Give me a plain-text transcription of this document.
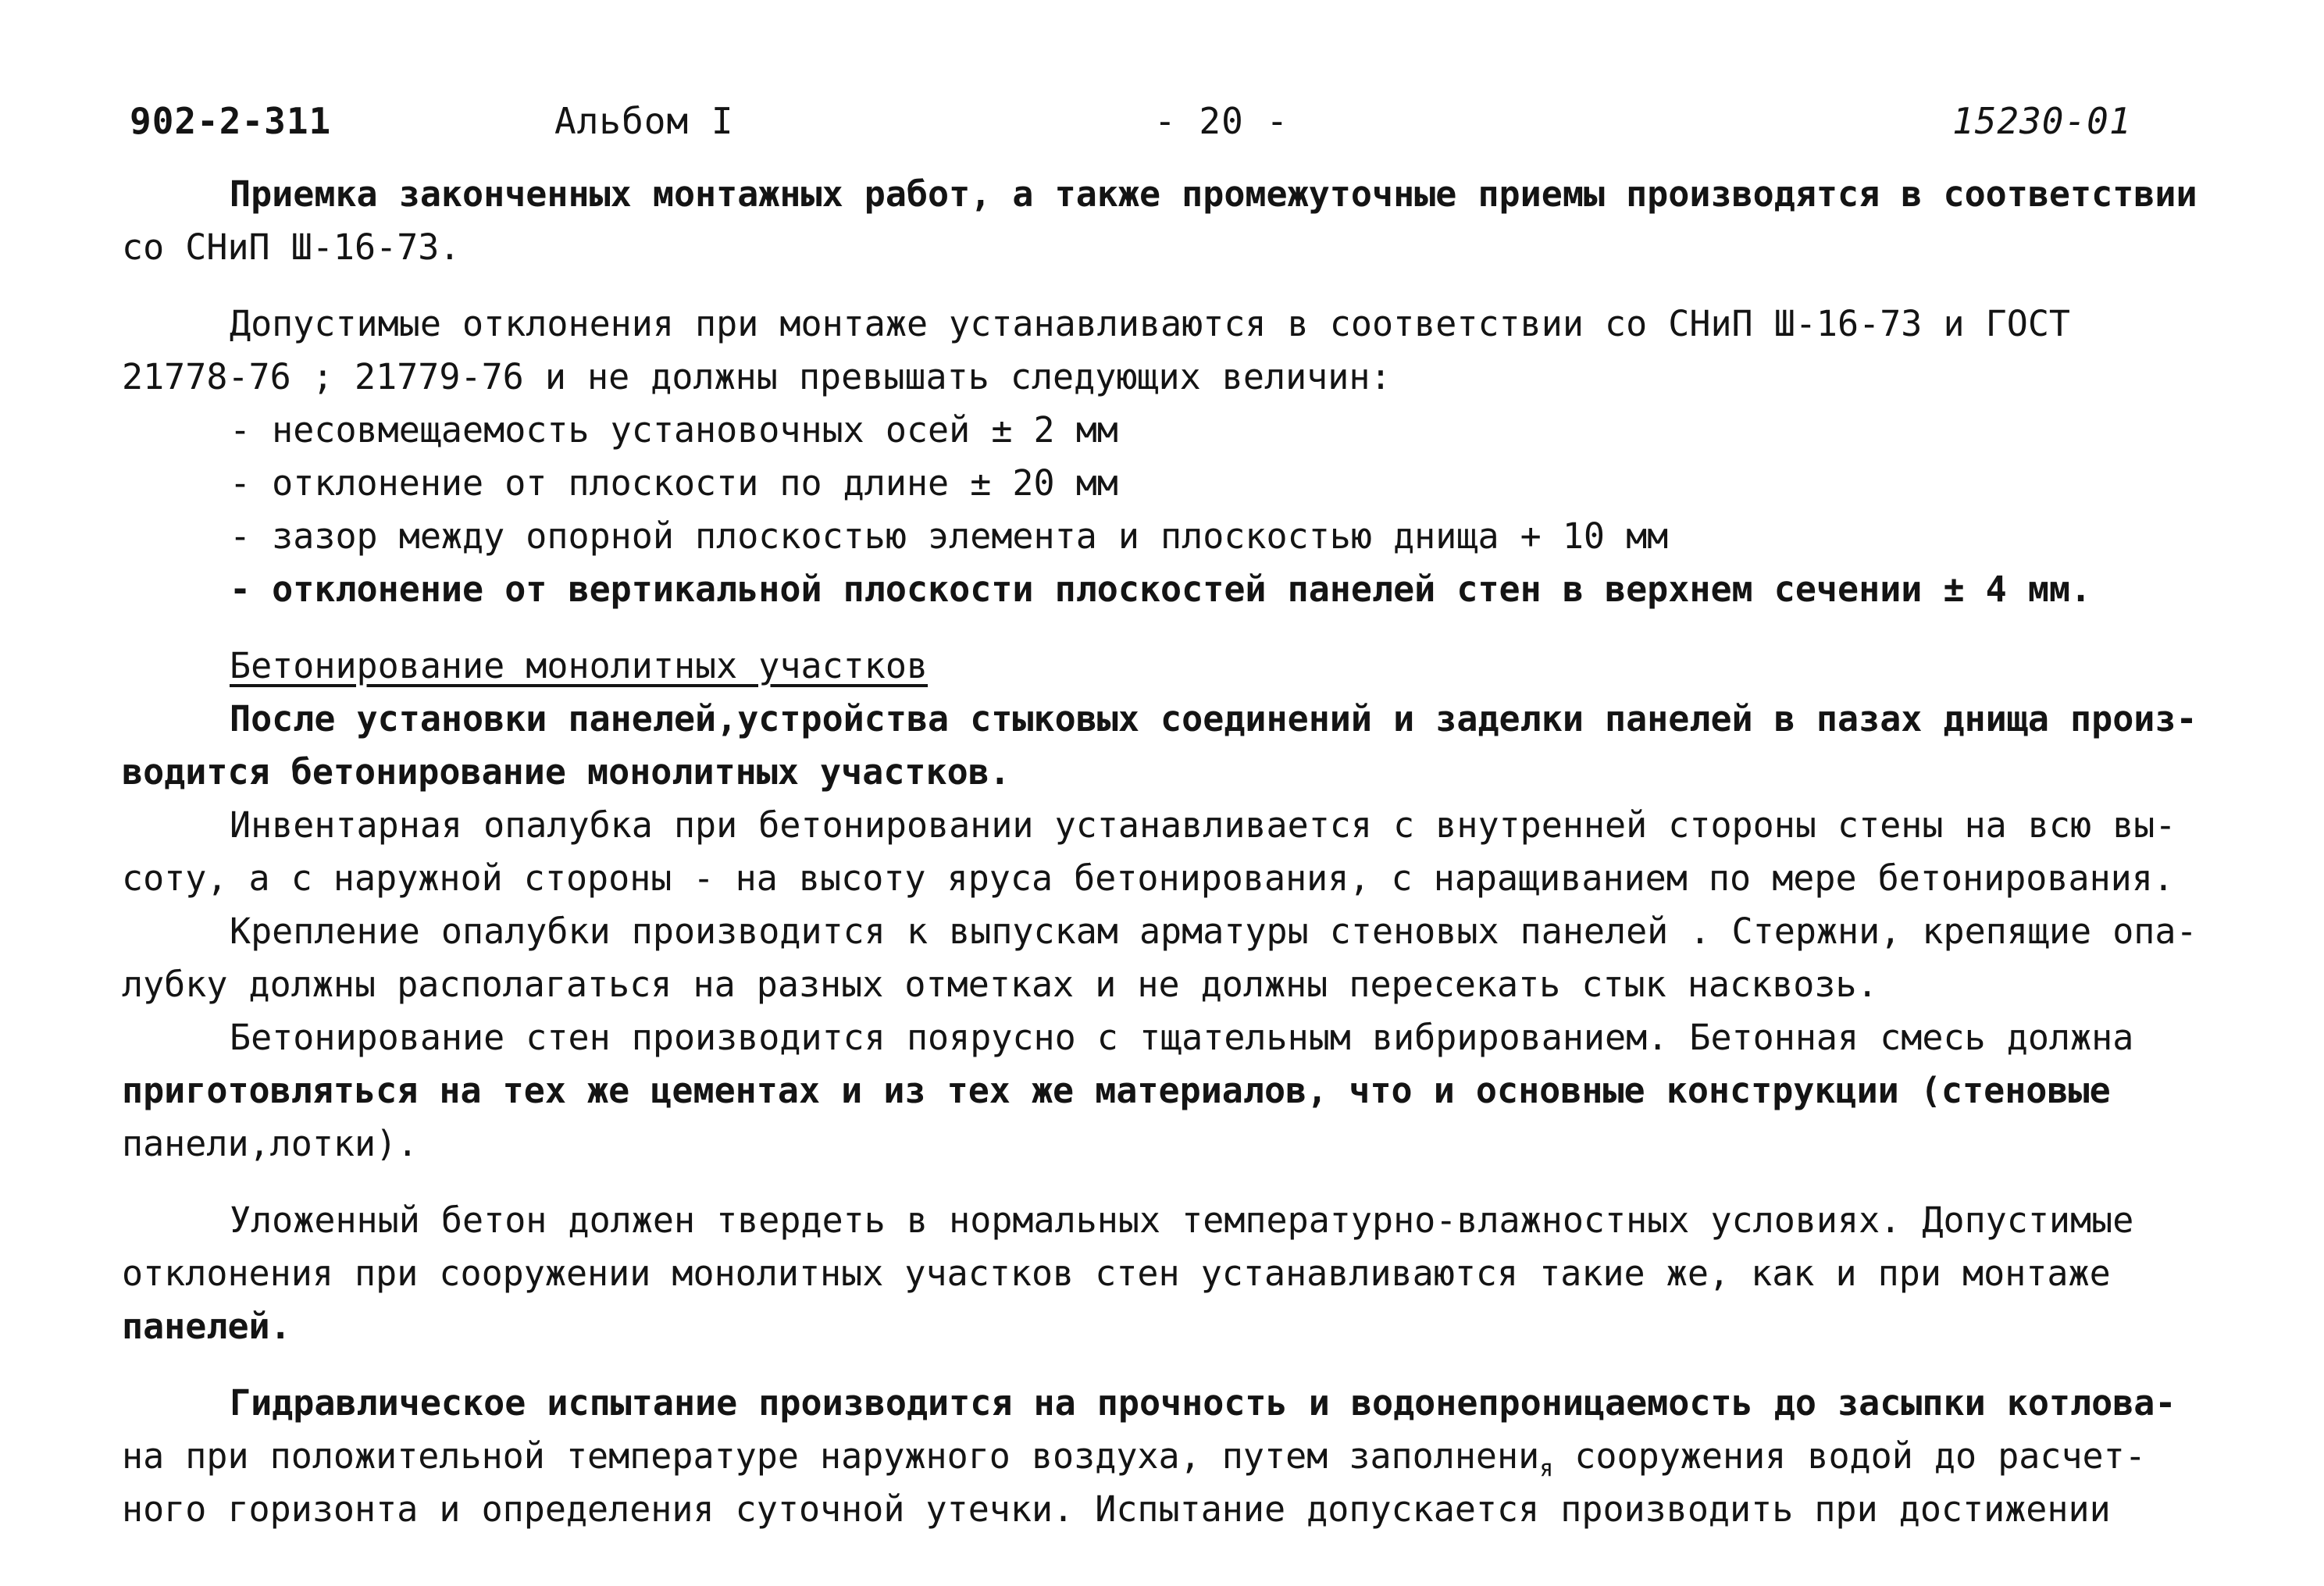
902-2-311	Альбом I	- 20 -	15230-01
Приемка законченных монтажных работ, а также промежуточные приемы производятся в соответствии
со СНиП Ш-16-73.
Допустимые отклонения при монтаже устанавливаются в соответствии со СНиП Ш-16-73 и ГОСТ
21778-76 ; 21779-76 и не должны превышать следующих величин:
- несовмещаемость установочных осей ± 2 мм
- отклонение от плоскости по длине ± 20 мм
- зазор между опорной плоскостью элемента и плоскостью днища + 10 мм
- отклонение от вертикальной плоскости плоскостей панелей стен в верхнем сечении ± 4 мм.
Бетонирование монолитных участков
После установки панелей,устройства стыковых соединений и заделки панелей в пазах днища произ-
водится бетонирование монолитных участков.
Инвентарная опалубка при бетонировании устанавливается с внутренней стороны стены на всю вы-
соту, а с наружной стороны - на высоту яруса бетонирования, с наращиванием по мере бетонирования.
Крепление опалубки производится к выпускам арматуры стеновых панелей . Стержни, крепящие опа-
лубку должны располагаться на разных отметках и не должны пересекать стык насквозь.
Бетонирование стен производится поярусно с тщательным вибрированием. Бетонная смесь должна
приготовляться на тех же цементах и из тех же материалов, что и основные конструкции (стеновые
панели,лотки).
Уложенный бетон должен твердеть в нормальных температурно-влажностных условиях. Допустимые
отклонения при сооружении монолитных участков стен устанавливаются такие же, как и при монтаже
панелей.
Гидравлическое испытание производится на прочность и водонепроницаемость до засыпки котлова-
на при положительной температуре наружного воздуха, путем заполнени$_я$ сооружения водой до расчет-
ного горизонта и определения суточной утечки. Испытание допускается производить при достижении
